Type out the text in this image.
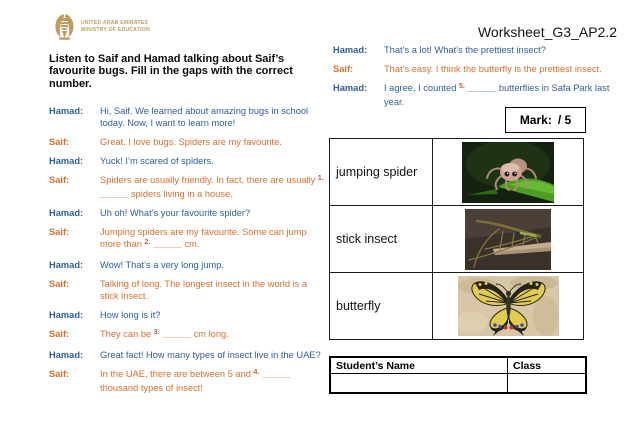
UNITED ARAB EMIRATES
MINISTRY OF EDUCATION	Worksheet_G3_AP2.2
Listen to Saif and Hamad talking about Saif’s favourite bugs. Fill in the gaps with the correct number.
Hamad:	Hi, Saif. We learned about amazing bugs in school today. Now, I want to learn more!
Saif:	Great. I love bugs. Spiders are my favourite.
Hamad:	Yuck! I’m scared of spiders.
Saif:	Spiders are usually friendly. In fact, there are usually $^{1.}$ _____ spiders living in a house.
Hamad:	Uh oh! What’s your favourite spider?
Saif:	Jumping spiders are my favourite. Some can jump more than $^{2.}$ _____ cm.
Hamad:	Wow! That’s a very long jump.
Saif:	Talking of long. The longest insect in the world is a stick insect.
Hamad:	How long is it?
Saif:	They can be $^{3.}$ _____ cm long.
Hamad:	Great fact! How many types of insect live in the UAE?
Saif:	In the UAE, there are between 5 and $^{4.}$ _____ thousand types of insect!
Hamad:	That’s a lot! What’s the prettiest insect?
Saif:	That’s easy. I think the butterfly is the prettiest insect.
Hamad:	I agree, I counted $^{5.}$ _____ butterflies in Safa Park last year.
Mark: / 5
jumping spider
stick insect
butterfly
Student’s Name	Class
